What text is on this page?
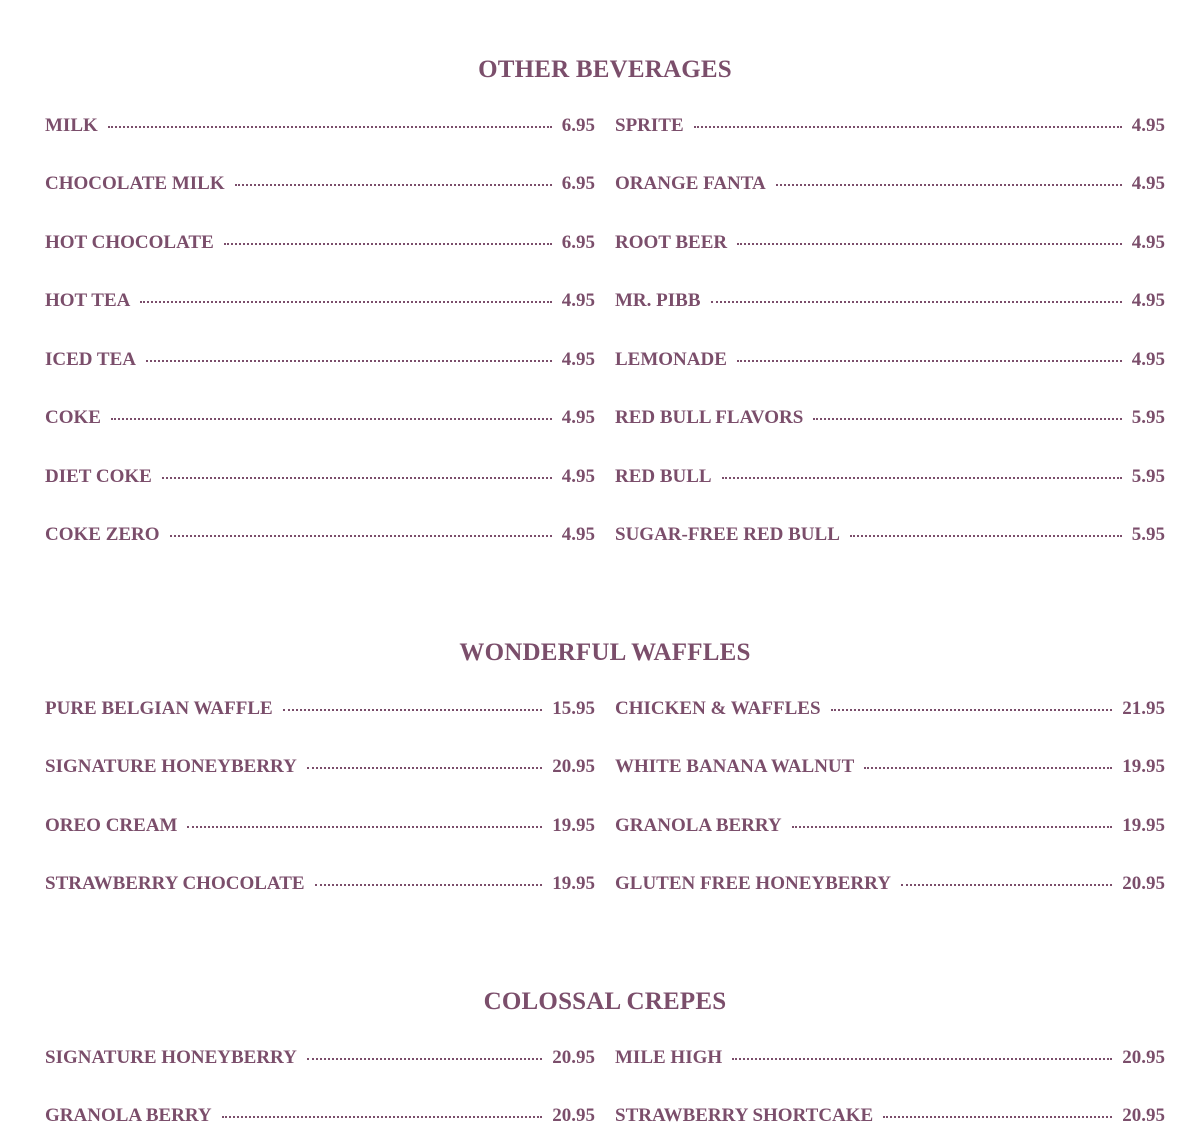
OTHER BEVERAGES
MILK	6.95
CHOCOLATE MILK	6.95
HOT CHOCOLATE	6.95
HOT TEA	4.95
ICED TEA	4.95
COKE	4.95
DIET COKE	4.95
COKE ZERO	4.95
SPRITE	4.95
ORANGE FANTA	4.95
ROOT BEER	4.95
MR. PIBB	4.95
LEMONADE	4.95
RED BULL FLAVORS	5.95
RED BULL	5.95
SUGAR-FREE RED BULL	5.95
WONDERFUL WAFFLES
PURE BELGIAN WAFFLE	15.95
SIGNATURE HONEYBERRY	20.95
OREO CREAM	19.95
STRAWBERRY CHOCOLATE	19.95
CHICKEN & WAFFLES	21.95
WHITE BANANA WALNUT	19.95
GRANOLA BERRY	19.95
GLUTEN FREE HONEYBERRY	20.95
COLOSSAL CREPES
SIGNATURE HONEYBERRY	20.95
GRANOLA BERRY	20.95
MILE HIGH	20.95
STRAWBERRY SHORTCAKE	20.95
